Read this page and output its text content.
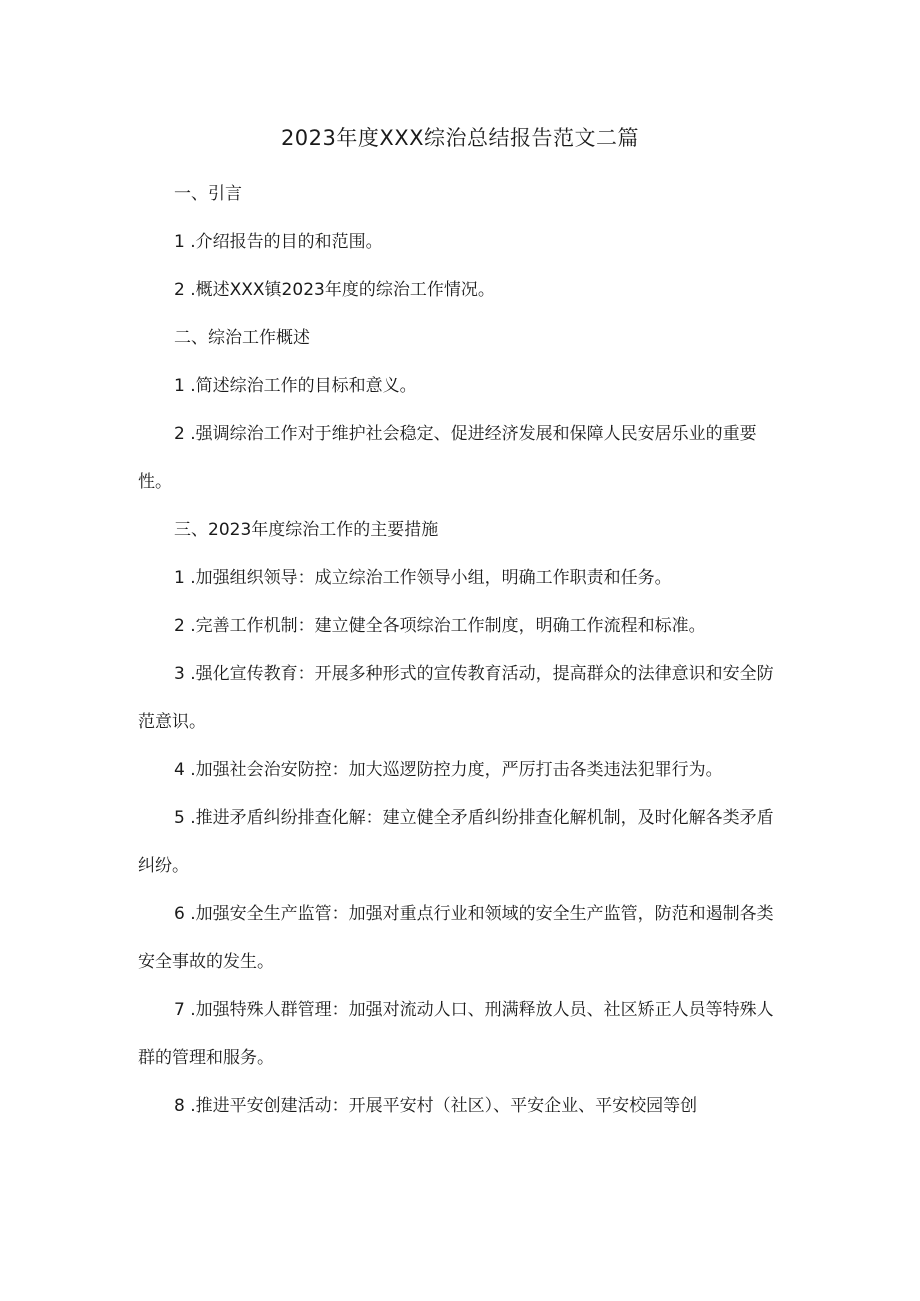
2023年度XXX综治总结报告范文二篇

一、引言

1 .介绍报告的目的和范围。

2 .概述XXX镇2023年度的综治工作情况。

二、综治工作概述

1 .简述综治工作的目标和意义。

2 .强调综治工作对于维护社会稳定、促进经济发展和保障人民安居乐业的重要性。

三、2023年度综治工作的主要措施

1 .加强组织领导：成立综治工作领导小组，明确工作职责和任务。

2 .完善工作机制：建立健全各项综治工作制度，明确工作流程和标准。

3 .强化宣传教育：开展多种形式的宣传教育活动，提高群众的法律意识和安全防范意识。

4 .加强社会治安防控：加大巡逻防控力度，严厉打击各类违法犯罪行为。

5 .推进矛盾纠纷排查化解：建立健全矛盾纠纷排查化解机制，及时化解各类矛盾纠纷。

6 .加强安全生产监管：加强对重点行业和领域的安全生产监管，防范和遏制各类安全事故的发生。

7 .加强特殊人群管理：加强对流动人口、刑满释放人员、社区矫正人员等特殊人群的管理和服务。

8 .推进平安创建活动：开展平安村（社区）、平安企业、平安校园等创
